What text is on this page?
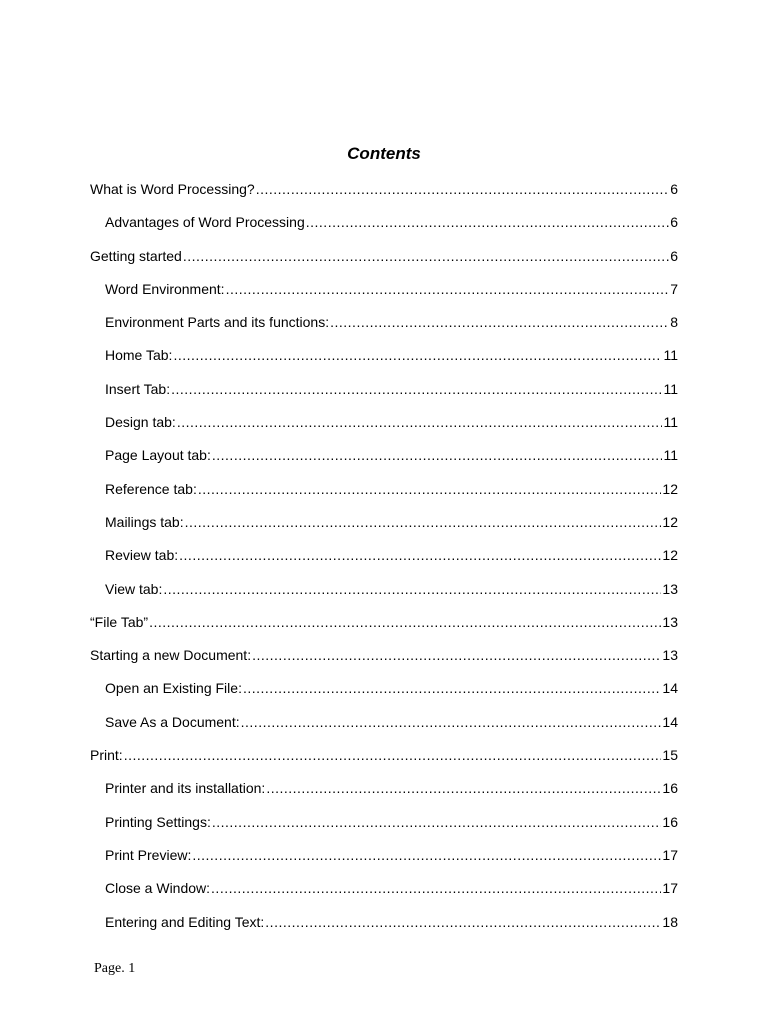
Contents
What is Word Processing? .....	6
Advantages of Word Processing .....	6
Getting started .....	6
Word Environment: .....	7
Environment Parts and its functions: .....	8
Home Tab: .....	11
Insert Tab: .....	11
Design tab: .....	11
Page Layout tab: .....	11
Reference tab: .....	12
Mailings tab: .....	12
Review tab: .....	12
View tab: .....	13
“File Tab” .....	13
Starting a new Document: .....	13
Open an Existing File: .....	14
Save As a Document: .....	14
Print: .....	15
Printer and its installation: .....	16
Printing Settings: .....	16
Print Preview: .....	17
Close a Window: .....	17
Entering and Editing Text: .....	18
Page. 1
